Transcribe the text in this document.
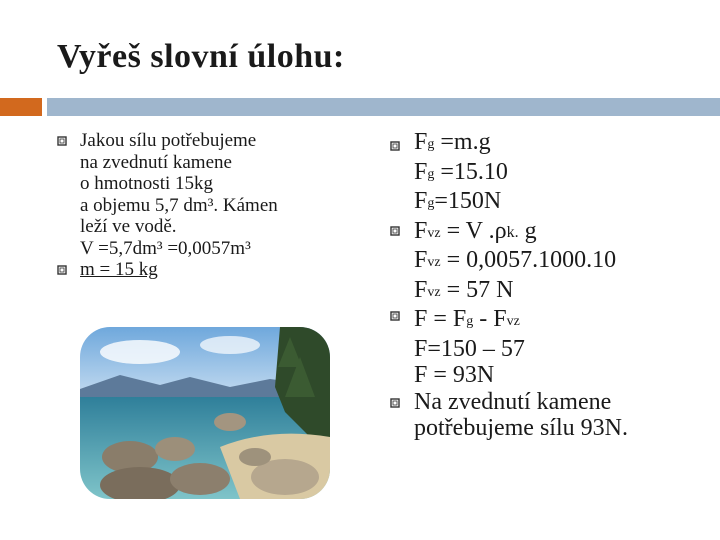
Vyřeš slovní úlohu:
Jakou sílu potřebujeme
na zvednutí kamene
o hmotnosti 15kg
a objemu 5,7 dm³. Kámen
leží ve vodě.
V =5,7dm³ =0,0057m³
m = 15 kg
$F_g =m.g$
$F_g =15.10$
$F_g=150N$
$F_{vz} = V$ $.\rho_{k.}$ g
$F_{vz} = 0,0057.1000.10$
$F_{vz} = 57$ N
$F = F_g - F_{vz}$
F=150 – 57
F = 93N
Na zvednutí kamene
potřebujeme sílu 93N.
